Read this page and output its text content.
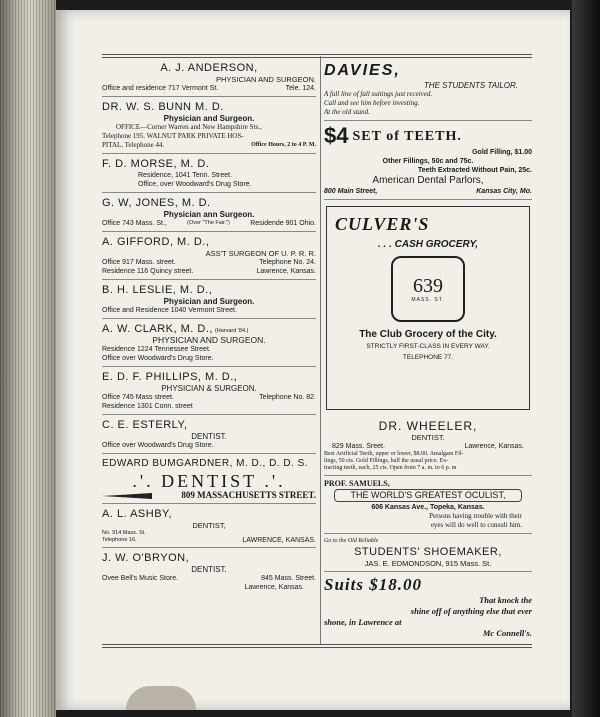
A. J. ANDERSON,
PHYSICIAN AND SURGEON.
Office and residence 717 Vermont St.	Tele. 124.
DR. W. S. BUNN M. D.
Physician and Surgeon.
OFFICE—Corner Warren and New Hampshire Sts.,
Telephone 195. WALNUT PARK PRIVATE HOS-
PITAL, Telephone 44.	Office Hours, 2 to 4 P. M.
F. D. MORSE, M. D.
Residence, 1041 Tenn. Street.
Office, over Woodward's Drug Store.
G. W, JONES, M. D.
Physician ann Surgeon.
Office 743 Mass. St.,	(Over "The Fair.")	Residende 901 Ohio.
A. GIFFORD, M. D.,
ASS'T SURGEON OF U. P. R. R.
Office 917 Mass. street.	Telephone No. 24.
Residence 116 Quincy street.	Lawrence, Kansas.
B. H. LESLIE, M. D.,
Physician and Surgeon.
Office and Residence 1040 Vermont Street.
A. W. CLARK, M. D., (Harvard '84.)
PHYSICIAN AND SURGEON.
Residence 1224 Tennessee Street.
Office over Woodward's Drug Store.
E. D. F. PHILLIPS, M. D.,
PHYSICIAN & SURGEON.
Office 745 Mass street.	Telephone No. 82.
Residence 1301 Conn. street
C. E. ESTERLY,
DENTIST.
Office over Woodward's Drug Store.
EDWARD BUMGARDNER, M. D., D. D. S.
.'. DENTIST .'.
809 MASSACHUSETTS STREET.
A. L. ASHBY,
DENTIST,
No. 914 Mass. St.
Telephone 16.	LAWRENCE, KANSAS.
J. W. O'BRYON,
DENTIST.
Ovee Bell's Music Store.	845 Mass. Street.
Lawrence, Kansas.
DAVIES,
THE STUDENTS TAILOR.
A full line of fall suitings just received.
Call and see him before investing.
At the old stand.
$4 SET of TEETH.
Gold Filling, $1.00
Other Fillings, 50c and 75c.
Teeth Extracted Without Pain, 25c.
American Dental Parlors,
800 Main Street,	Kansas City, Mo.
CULVER'S
. . . CASH GROCERY,
639
MASS. ST.
The Club Grocery of the City.
STRICTLY FIRST-CLASS IN EVERY WAY.
TELEPHONE 77.
DR. WHEELER,
DENTIST.
829 Mass. Sreet.	Lawrence, Kansas.
Best Artificial Teeth, upper or lower, $8.00. Amalgam Fil-
lings, 50 cts. Gold Fillings, half the usual price. Ex-
tracting teeth, each, 25 cts. Open from 7 a. m. to 6 p. m
PROF. SAMUELS,
THE WORLD'S GREATEST OCULIST,
606 Kansas Ave., Topeka, Kansas.
Persons having trouble with their
eyes will do well to consult him.
Go to the Old Reliable
STUDENTS' SHOEMAKER,
JAS. E. EDMONDSON, 915 Mass. St.
Suits $18.00
That knock the
shine off of anything else that ever
shone, in Lawrence at
Mc Connell's.
